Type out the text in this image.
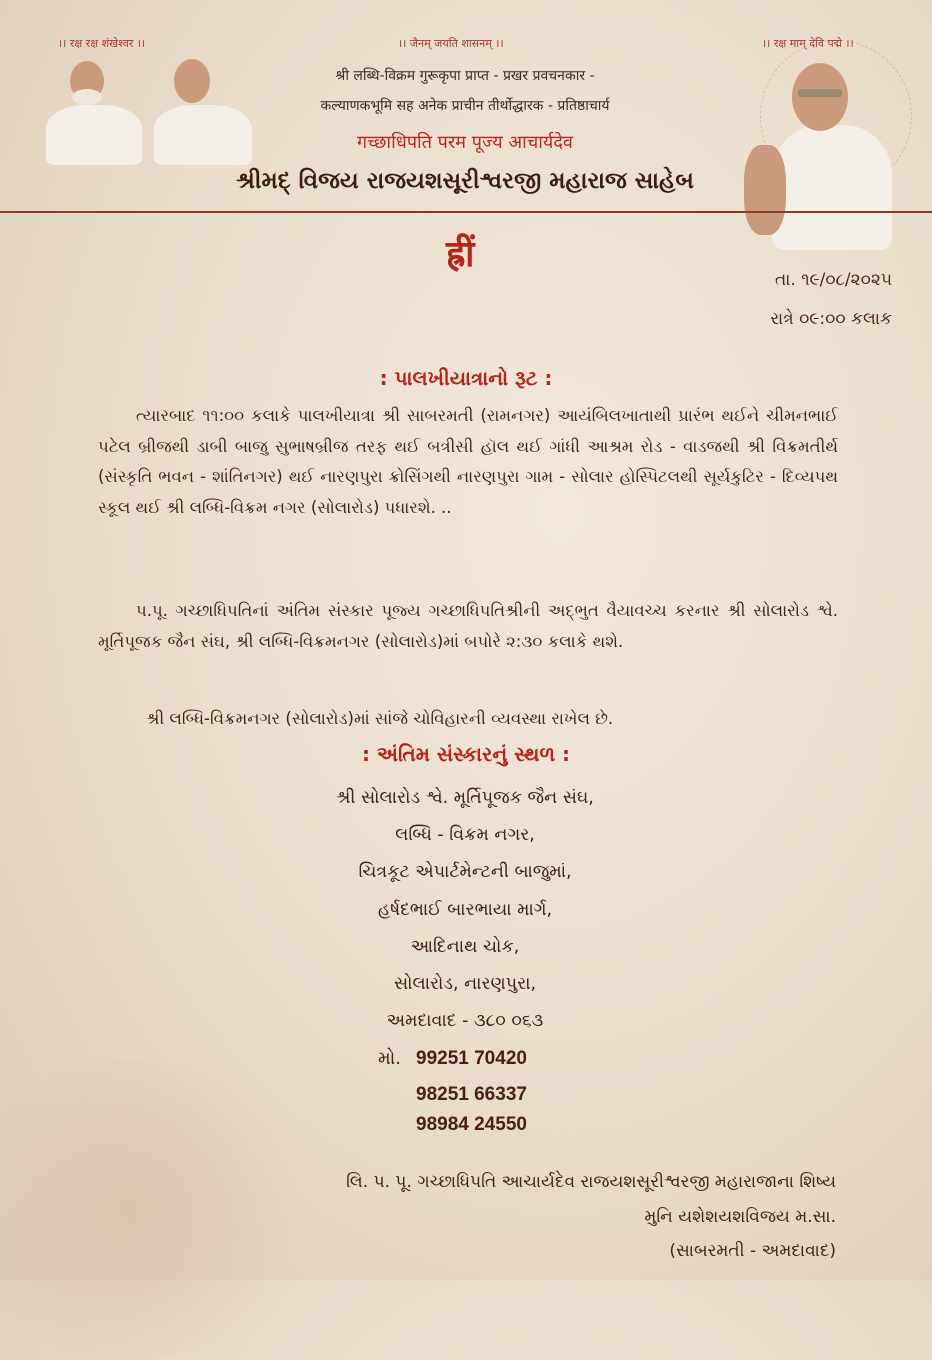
।। रक्ष रक्ष शंखेश्वर ।।	।। जैनम् जयति शासनम् ।।	।। रक्ष माम् देवि पद्मे ।।
श्री लब्धि-विक्रम गुरूकृपा प्राप्त - प्रखर प्रवचनकार -
कल्याणकभूमि सह अनेक प्राचीन तीर्थोद्धारक - प्रतिष्ठाचार्य
गच्छाधिपति परम पूज्य आचार्यदेव
શ્રીમદ્ વિજય રાજયશસૂરીશ્વરજી મહારાજ સાહેબ
ह्रीं
તા. ૧૯/૦૮/૨૦૨૫
રાત્રે ૦૯:૦૦ કલાક
: પાલખીયાત્રાનો રૂટ :
ત્યારબાદ ૧૧:૦૦ કલાકે પાલખીયાત્રા શ્રી સાબરમતી (રામનગર) આયંબિલખાતાથી પ્રારંભ થઈને ચીમનભાઈ પટેલ બ્રીજથી ડાબી બાજુ સુભાષબ્રીજ તરફ થઈ બત્રીસી હૉલ થઈ ગાંધી આશ્રમ રોડ - વાડજથી શ્રી વિક્રમતીર્થ (સંસ્કૃતિ ભવન - શાંતિનગર) થઈ નારણપુરા ક્રોસિંગથી નારણપુરા ગામ - સોલાર હોસ્પિટલથી સૂર્યકુટિર - દિવ્યપથ સ્કૂલ થઈ શ્રી લબ્ધિ-વિક્રમ નગર (સોલારોડ) પધારશે. ..
પ.પૂ. ગચ્છાધિપતિનાં અંતિમ સંસ્કાર પૂજ્ય ગચ્છાધિપતિશ્રીની અદ્ભુત વૈયાવચ્ચ કરનાર શ્રી સોલારોડ શ્વે. મૂર્તિપૂજક જૈન સંઘ, શ્રી લબ્ધિ-વિક્રમનગર (સોલારોડ)માં બપોરે ૨:૩૦ કલાકે થશે.
શ્રી લબ્ધિ-વિક્રમનગર (સોલારોડ)માં સાંજે ચોવિહારની વ્યવસ્થા રાખેલ છે.
: અંતિમ સંસ્કારનું સ્થળ :
શ્રી સોલારોડ શ્વે. મૂર્તિપૂજક જૈન સંઘ,
લબ્ધિ - વિક્રમ નગર,
ચિત્રકૂટ એપાર્ટમેન્ટની બાજુમાં,
હર્ષદભાઈ બારભાયા માર્ગ,
આદિનાથ ચોક,
સોલારોડ, નારણપુરા,
અમદાવાદ - ૩૮૦ ૦૬૩
મો. 99251 70420
98251 66337
98984 24550
લિ. પ. પૂ. ગચ્છાધિપતિ આચાર્યદેવ રાજયશસૂરીશ્વરજી મહારાજાના શિષ્ય
મુનિ યશેશયશવિજય મ.સા.
(સાબરમતી - અમદાવાદ)
